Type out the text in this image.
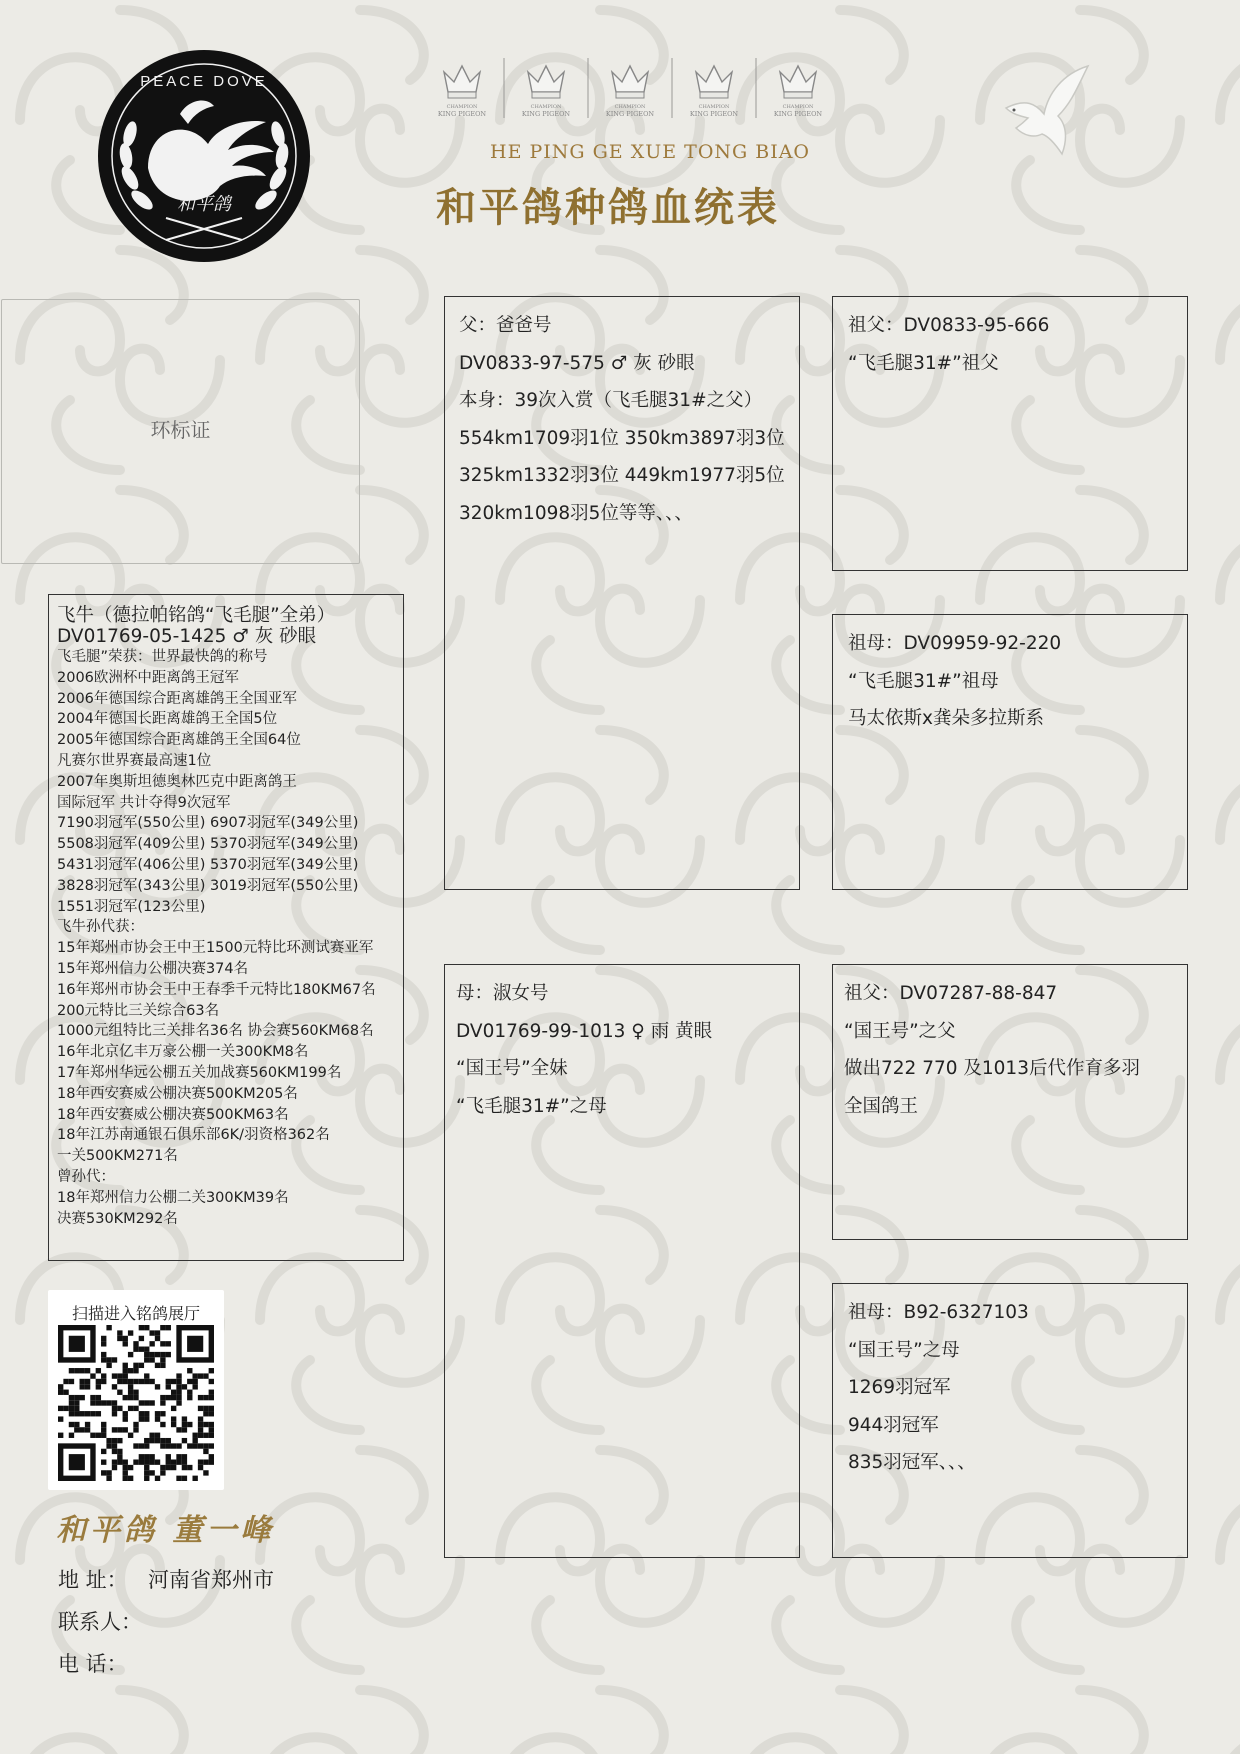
PEACE DOVE
和平鸽
CHAMPION
KING PIGEON
CHAMPION
KING PIGEON
CHAMPION
KING PIGEON
CHAMPION
KING PIGEON
CHAMPION
KING PIGEON
HE PING GE XUE TONG BIAO
和平鸽种鸽血统表
环标证
飞牛（德拉帕铭鸽“飞毛腿”全弟）
DV01769-05-1425 ♂ 灰 砂眼
飞毛腿”荣获：世界最快鸽的称号
2006欧洲杯中距离鸽王冠军
2006年德国综合距离雄鸽王全国亚军
2004年德国长距离雄鸽王全国5位
2005年德国综合距离雄鸽王全国64位
凡赛尔世界赛最高速1位
2007年奥斯坦德奥林匹克中距离鸽王
国际冠军 共计夺得9次冠军
7190羽冠军(550公里) 6907羽冠军(349公里)
5508羽冠军(409公里) 5370羽冠军(349公里)
5431羽冠军(406公里) 5370羽冠军(349公里)
3828羽冠军(343公里) 3019羽冠军(550公里)
1551羽冠军(123公里)
飞牛孙代获：
15年郑州市协会王中王1500元特比环测试赛亚军
15年郑州信力公棚决赛374名
16年郑州市协会王中王春季千元特比180KM67名
200元特比三关综合63名
1000元组特比三关排名36名 协会赛560KM68名
16年北京亿丰万豪公棚一关300KM8名
17年郑州华远公棚五关加战赛560KM199名
18年西安赛威公棚决赛500KM205名
18年西安赛威公棚决赛500KM63名
18年江苏南通银石俱乐部6K/羽资格362名
一关500KM271名
曾孙代：
18年郑州信力公棚二关300KM39名
决赛530KM292名
父：爸爸号
DV0833-97-575 ♂ 灰 砂眼
本身：39次入赏（飞毛腿31#之父）
554km1709羽1位 350km3897羽3位
325km1332羽3位 449km1977羽5位
320km1098羽5位等等、、、
祖父：DV0833-95-666
“飞毛腿31#”祖父
祖母：DV09959-92-220
“飞毛腿31#”祖母
马太依斯x龚朵多拉斯系
母：淑女号
DV01769-99-1013 ♀ 雨 黄眼
“国王号”全妹
“飞毛腿31#”之母
祖父：DV07287-88-847
“国王号”之父
做出722 770 及1013后代作育多羽
全国鸽王
祖母：B92-6327103
“国王号”之母
1269羽冠军
944羽冠军
835羽冠军、、、
扫描进入铭鸽展厅
和平鸽 董一峰
地 址： 河南省郑州市
联系人：
电 话：
